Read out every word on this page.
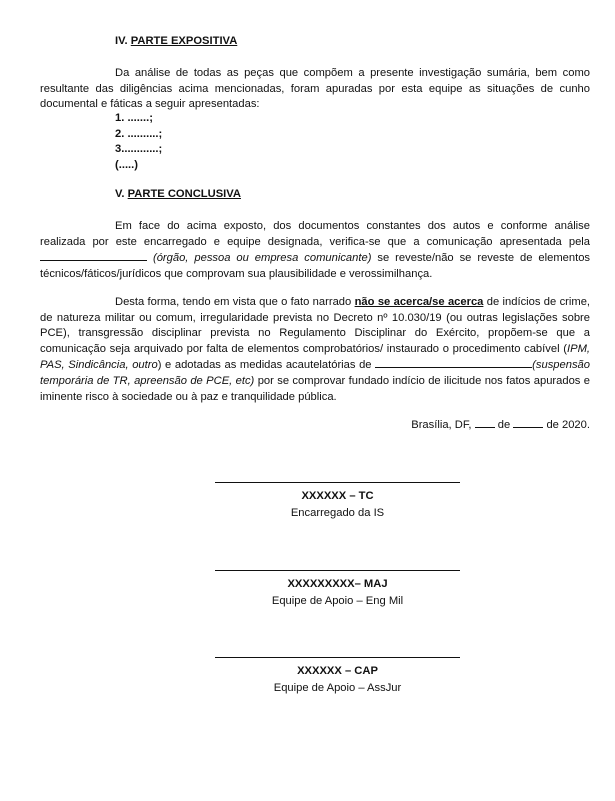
IV. PARTE EXPOSITIVA
Da análise de todas as peças que compõem a presente investigação sumária, bem como resultante das diligências acima mencionadas, foram apuradas por esta equipe as situações de cunho documental e fáticas a seguir apresentadas:
1. .......;
2. ..........;
3............;
(.....)
V. PARTE CONCLUSIVA
Em face do acima exposto, dos documentos constantes dos autos e conforme análise realizada por este encarregado e equipe designada, verifica-se que a comunicação apresentada pela  (órgão, pessoa ou empresa comunicante) se reveste/não se reveste de elementos técnicos/fáticos/jurídicos que comprovam sua plausibilidade e verossimilhança.
Desta forma, tendo em vista que o fato narrado não se acerca/se acerca de indícios de crime, de natureza militar ou comum, irregularidade prevista no Decreto nº 10.030/19 (ou outras legislações sobre PCE), transgressão disciplinar prevista no Regulamento Disciplinar do Exército, propõem-se que a comunicação seja arquivado por falta de elementos comprobatórios/ instaurado o procedimento cabível (IPM, PAS, Sindicância, outro) e adotadas as medidas acautelatórias de	(suspensão temporária de TR, apreensão de PCE, etc) por se comprovar fundado indício de ilicitude nos fatos apurados e iminente risco à sociedade ou à paz e tranquilidade pública.
Brasília, DF, de	de 2020.
XXXXXX – TC
Encarregado da IS
XXXXXXXXX– MAJ
Equipe de Apoio – Eng Mil
XXXXXX – CAP
Equipe de Apoio – AssJur
